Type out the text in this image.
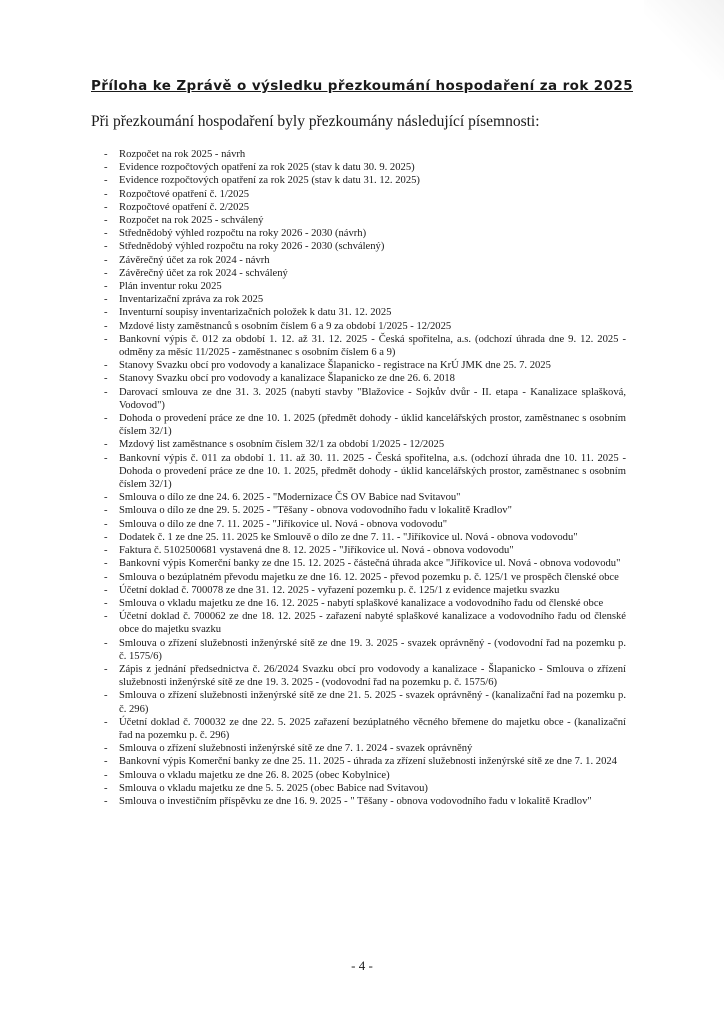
Příloha ke Zprávě o výsledku přezkoumání hospodaření za rok 2025
Při přezkoumání hospodaření byly přezkoumány následující písemnosti:
- Rozpočet na rok 2025 - návrh
- Evidence rozpočtových opatření za rok 2025 (stav k datu 30. 9. 2025)
- Evidence rozpočtových opatření za rok 2025 (stav k datu 31. 12. 2025)
- Rozpočtové opatření č. 1/2025
- Rozpočtové opatření č. 2/2025
- Rozpočet na rok 2025 - schválený
- Střednědobý výhled rozpočtu na roky 2026 - 2030 (návrh)
- Střednědobý výhled rozpočtu na roky 2026 - 2030 (schválený)
- Závěrečný účet za rok 2024 - návrh
- Závěrečný účet za rok 2024 - schválený
- Plán inventur roku 2025
- Inventarizační zpráva za rok 2025
- Inventurní soupisy inventarizačních položek k datu 31. 12. 2025
- Mzdové listy zaměstnanců s osobním číslem 6 a 9 za období 1/2025 - 12/2025
- Bankovní výpis č. 012 za období 1. 12. až 31. 12. 2025 - Česká spořitelna, a.s. (odchozí úhrada dne 9. 12. 2025 - odměny za měsíc 11/2025 - zaměstnanec s osobním číslem 6 a 9)
- Stanovy Svazku obcí pro vodovody a kanalizace Šlapanicko - registrace na KrÚ JMK dne 25. 7. 2025
- Stanovy Svazku obcí pro vodovody a kanalizace Šlapanicko ze dne 26. 6. 2018
- Darovací smlouva ze dne 31. 3. 2025 (nabytí stavby "Blažovice - Sojkův dvůr - II. etapa - Kanalizace splašková, Vodovod")
- Dohoda o provedení práce ze dne 10. 1. 2025 (předmět dohody - úklid kancelářských prostor, zaměstnanec s osobním číslem 32/1)
- Mzdový list zaměstnance s osobním číslem 32/1 za období 1/2025 - 12/2025
- Bankovní výpis č. 011 za období 1. 11. až 30. 11. 2025 - Česká spořitelna, a.s. (odchozí úhrada dne 10. 11. 2025 - Dohoda o provedení práce ze dne 10. 1. 2025, předmět dohody - úklid kancelářských prostor, zaměstnanec s osobním číslem 32/1)
- Smlouva o dílo ze dne 24. 6. 2025 - "Modernizace ČS OV Babice nad Svitavou"
- Smlouva o dílo ze dne 29. 5. 2025 - "Těšany - obnova vodovodního řadu v lokalitě Kradlov"
- Smlouva o dílo ze dne 7. 11. 2025 - "Jiříkovice ul. Nová - obnova vodovodu"
- Dodatek č. 1 ze dne 25. 11. 2025 ke Smlouvě o dílo ze dne 7. 11. - "Jiříkovice ul. Nová - obnova vodovodu"
- Faktura č. 5102500681 vystavená dne 8. 12. 2025 - "Jiříkovice ul. Nová - obnova vodovodu"
- Bankovní výpis Komerční banky ze dne 15. 12. 2025 - částečná úhrada akce "Jiříkovice ul. Nová - obnova vodovodu"
- Smlouva o bezúplatném převodu majetku ze dne 16. 12. 2025 - převod pozemku p. č. 125/1 ve prospěch členské obce
- Účetní doklad č. 700078 ze dne 31. 12. 2025 - vyřazení pozemku p. č. 125/1 z evidence majetku svazku
- Smlouva o vkladu majetku ze dne 16. 12. 2025 - nabytí splaškové kanalizace a vodovodního řadu od členské obce
- Účetní doklad č. 700062 ze dne 18. 12. 2025 - zařazení nabyté splaškové kanalizace a vodovodního řadu od členské obce do majetku svazku
- Smlouva o zřízení služebnosti inženýrské sítě ze dne 19. 3. 2025 - svazek oprávněný - (vodovodní řad na pozemku p. č. 1575/6)
- Zápis z jednání předsednictva č. 26/2024 Svazku obcí pro vodovody a kanalizace - Šlapanicko - Smlouva o zřízení služebnosti inženýrské sítě ze dne 19. 3. 2025 - (vodovodní řad na pozemku p. č. 1575/6)
- Smlouva o zřízení služebnosti inženýrské sítě ze dne 21. 5. 2025 - svazek oprávněný - (kanalizační řad na pozemku p. č. 296)
- Účetní doklad č. 700032 ze dne 22. 5. 2025 zařazení bezúplatného věcného břemene do majetku obce - (kanalizační řad na pozemku p. č. 296)
- Smlouva o zřízení služebnosti inženýrské sítě ze dne 7. 1. 2024 - svazek oprávněný
- Bankovní výpis Komerční banky ze dne 25. 11. 2025 - úhrada za zřízení služebnosti inženýrské sítě ze dne 7. 1. 2024
- Smlouva o vkladu majetku ze dne 26. 8. 2025 (obec Kobylnice)
- Smlouva o vkladu majetku ze dne 5. 5. 2025 (obec Babice nad Svitavou)
- Smlouva o investičním příspěvku ze dne 16. 9. 2025 - " Těšany - obnova vodovodního řadu v lokalitě Kradlov"
- 4 -
